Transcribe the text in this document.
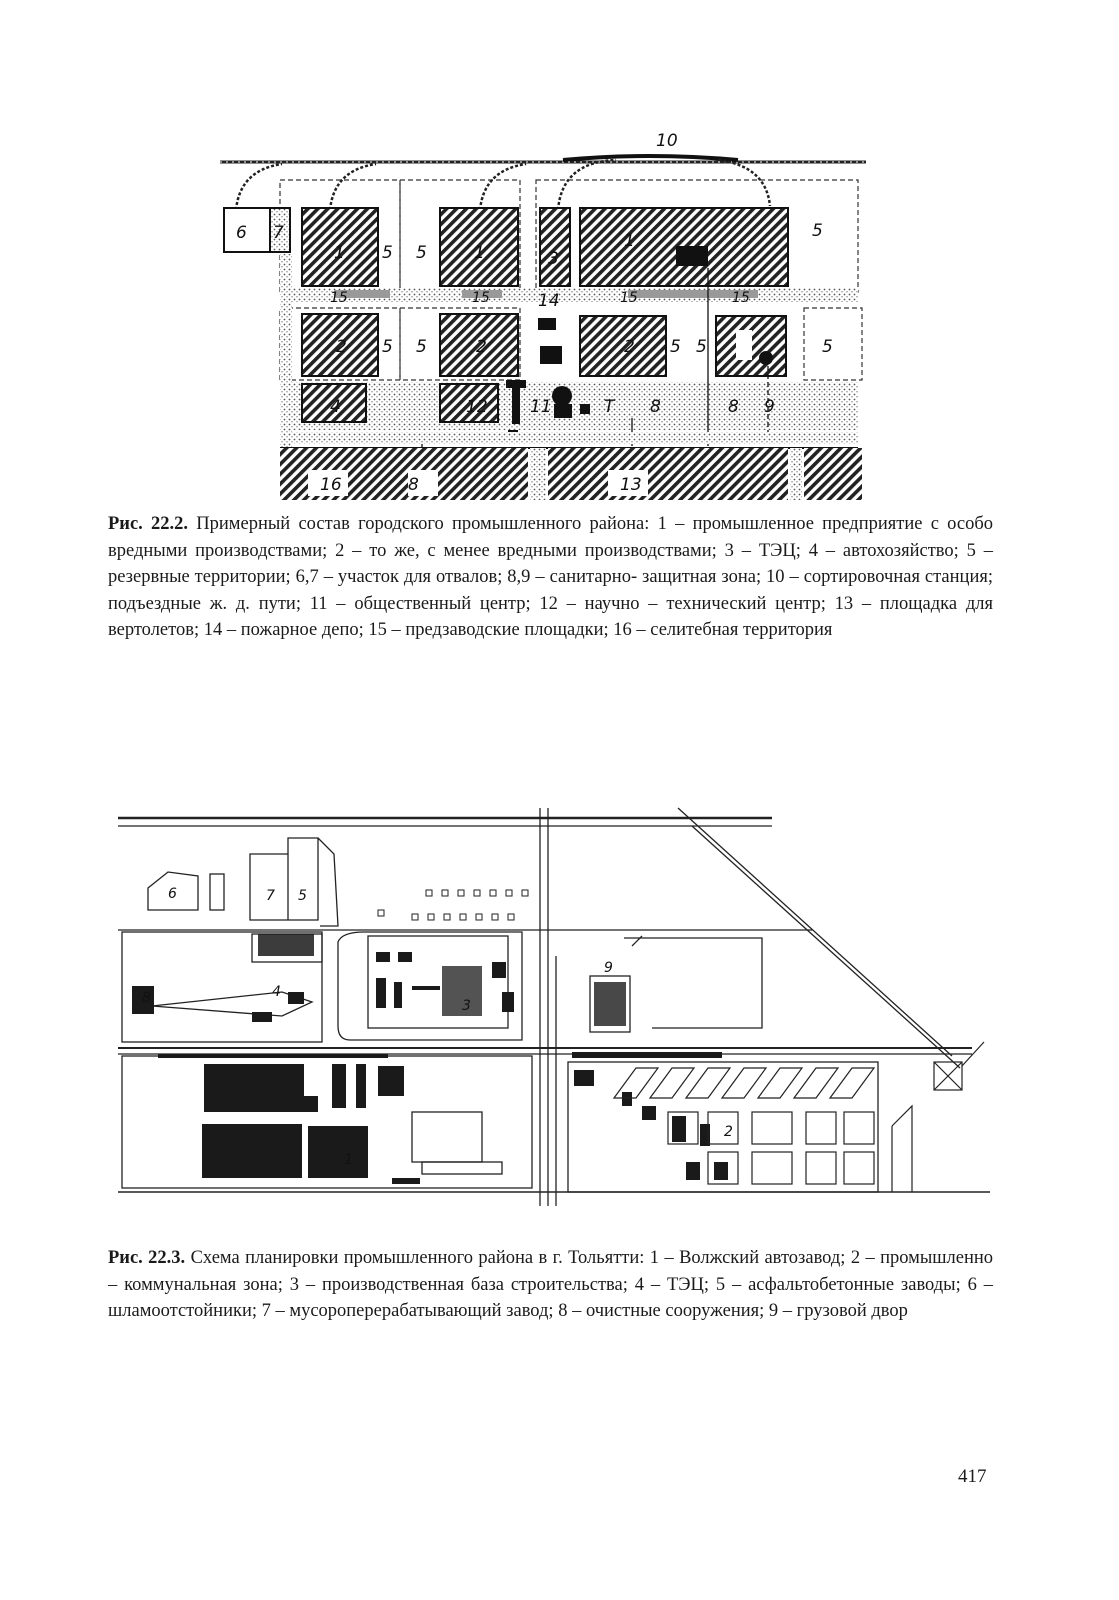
6 7
10
1 5 5	1	3
1	5
15	15	14	15	15
2 5 5	2	2 5 5	5
4	12 11	Т 8	8 9
16	8	13
Рис. 22.2. Примерный состав городского промышленного района: 1 – промышленное предприятие с особо вредными производствами; 2 – то же, с менее вредными производствами; 3 – ТЭЦ; 4 – автохозяйство; 5 – резервные территории; 6,7 – участок для отвалов; 8,9 – санитарно- защитная зона; 10 – сортировочная станция; подъездные ж. д. пути; 11 – общественный центр; 12 – научно – технический центр; 13 – площадка для вертолетов; 14 – пожарное депо; 15 – предзаводские площадки; 16 – селитебная территория
6	7 5
8	4
3
9
1
2
Рис. 22.3. Схема планировки промышленного района в г. Тольятти: 1 – Волжский автозавод; 2 – промышленно – коммунальная зона; 3 – производственная база строительства; 4 – ТЭЦ; 5 – асфальтобетонные заводы; 6 – шламоотстойники; 7 – мусороперерабатывающий завод; 8 – очистные сооружения; 9 – грузовой двор
417
